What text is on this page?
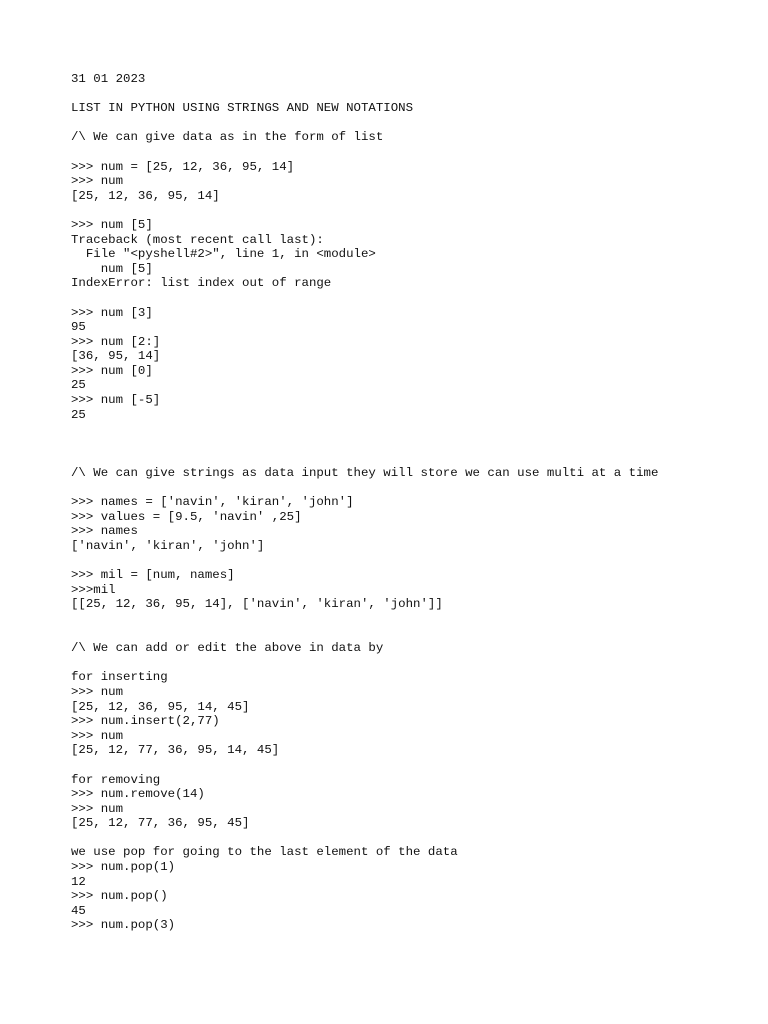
31 01 2023
LIST IN PYTHON USING STRINGS AND NEW NOTATIONS
/\ We can give data as in the form of list
>>> num = [25, 12, 36, 95, 14]
>>> num
[25, 12, 36, 95, 14]
>>> num [5]
Traceback (most recent call last):
File "<pyshell#2>", line 1, in <module>
num [5]
IndexError: list index out of range
>>> num [3]
95
>>> num [2:]
[36, 95, 14]
>>> num [0]
25
>>> num [-5]
25
/\ We can give strings as data input they will store we can use multi at a time
>>> names = ['navin', 'kiran', 'john']
>>> values = [9.5, 'navin' ,25]
>>> names
['navin', 'kiran', 'john']
>>> mil = [num, names]
>>>mil
[[25, 12, 36, 95, 14], ['navin', 'kiran', 'john']]
/\ We can add or edit the above in data by
for inserting
>>> num
[25, 12, 36, 95, 14, 45]
>>> num.insert(2,77)
>>> num
[25, 12, 77, 36, 95, 14, 45]
for removing
>>> num.remove(14)
>>> num
[25, 12, 77, 36, 95, 45]
we use pop for going to the last element of the data
>>> num.pop(1)
12
>>> num.pop()
45
>>> num.pop(3)
